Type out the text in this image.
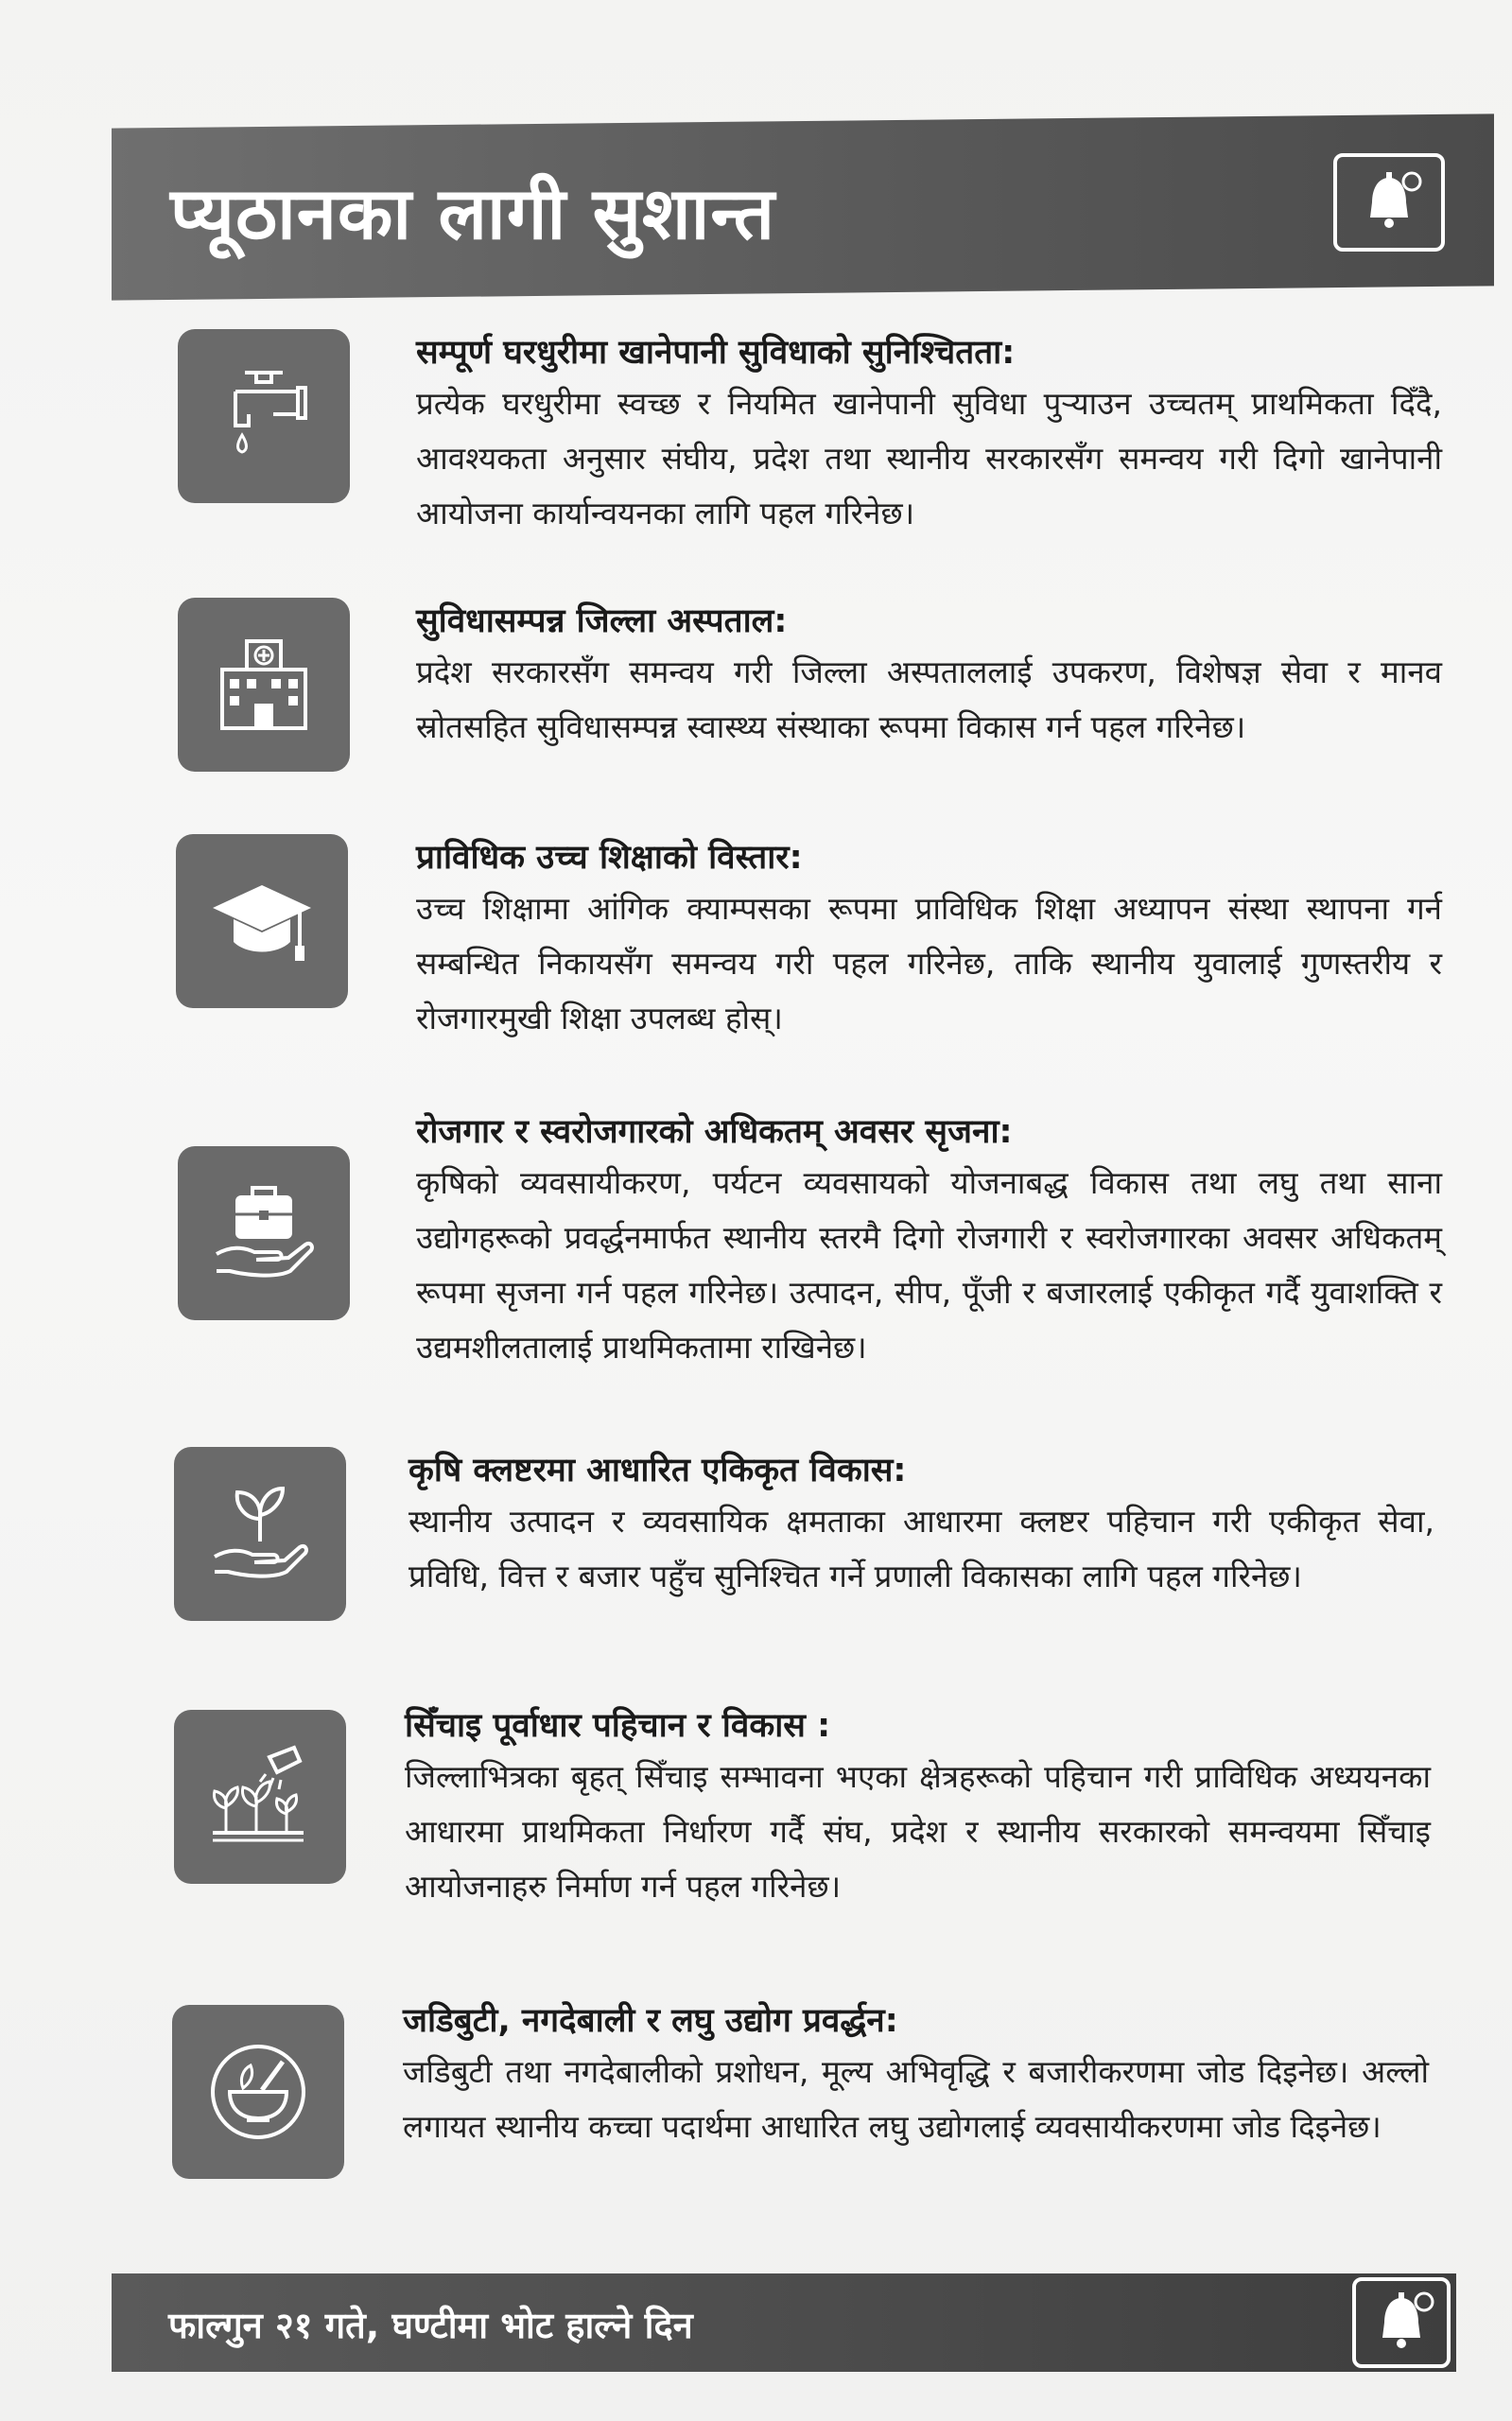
प्यूठानका लागी सुशान्त
सम्पूर्ण घरधुरीमा खानेपानी सुविधाको सुनिश्चितता:
प्रत्येक घरधुरीमा स्वच्छ र नियमित खानेपानी सुविधा पुर्‍याउन उच्चतम् प्राथमिकता दिँदै, आवश्यकता अनुसार संघीय, प्रदेश तथा स्थानीय सरकारसँग समन्वय गरी दिगो खानेपानी आयोजना कार्यान्वयनका लागि पहल गरिनेछ।
सुविधासम्पन्न जिल्ला अस्पताल:
प्रदेश सरकारसँग समन्वय गरी जिल्ला अस्पताललाई उपकरण, विशेषज्ञ सेवा र मानव स्रोतसहित सुविधासम्पन्न स्वास्थ्य संस्थाका रूपमा विकास गर्न पहल गरिनेछ।
प्राविधिक उच्च शिक्षाको विस्तार:
उच्च शिक्षामा आंगिक क्याम्पसका रूपमा प्राविधिक शिक्षा अध्यापन संस्था स्थापना गर्न सम्बन्धित निकायसँग समन्वय गरी पहल गरिनेछ, ताकि स्थानीय युवालाई गुणस्तरीय र रोजगारमुखी शिक्षा उपलब्ध होस्।
रोजगार र स्वरोजगारको अधिकतम् अवसर सृजना:
कृषिको व्यवसायीकरण, पर्यटन व्यवसायको योजनाबद्ध विकास तथा लघु तथा साना उद्योगहरूको प्रवर्द्धनमार्फत स्थानीय स्तरमै दिगो रोजगारी र स्वरोजगारका अवसर अधिकतम् रूपमा सृजना गर्न पहल गरिनेछ। उत्पादन, सीप, पूँजी र बजारलाई एकीकृत गर्दै युवाशक्ति र उद्यमशीलतालाई प्राथमिकतामा राखिनेछ।
कृषि क्लष्टरमा आधारित एकिकृत विकास:
स्थानीय उत्पादन र व्यवसायिक क्षमताका आधारमा क्लष्टर पहिचान गरी एकीकृत सेवा, प्रविधि, वित्त र बजार पहुँच सुनिश्चित गर्ने प्रणाली विकासका लागि पहल गरिनेछ।
सिँचाइ पूर्वाधार पहिचान र विकास :
जिल्लाभित्रका बृहत् सिँचाइ सम्भावना भएका क्षेत्रहरूको पहिचान गरी प्राविधिक अध्ययनका आधारमा प्राथमिकता निर्धारण गर्दै संघ, प्रदेश र स्थानीय सरकारको समन्वयमा सिँचाइ आयोजनाहरु निर्माण गर्न पहल गरिनेछ।
जडिबुटी, नगदेबाली र लघु उद्योग प्रवर्द्धन:
जडिबुटी तथा नगदेबालीको प्रशोधन, मूल्य अभिवृद्धि र बजारीकरणमा जोड दिइनेछ। अल्लो लगायत स्थानीय कच्चा पदार्थमा आधारित लघु उद्योगलाई व्यवसायीकरणमा जोड दिइनेछ।
फाल्गुन २१ गते, घण्टीमा भोट हाल्ने दिन
